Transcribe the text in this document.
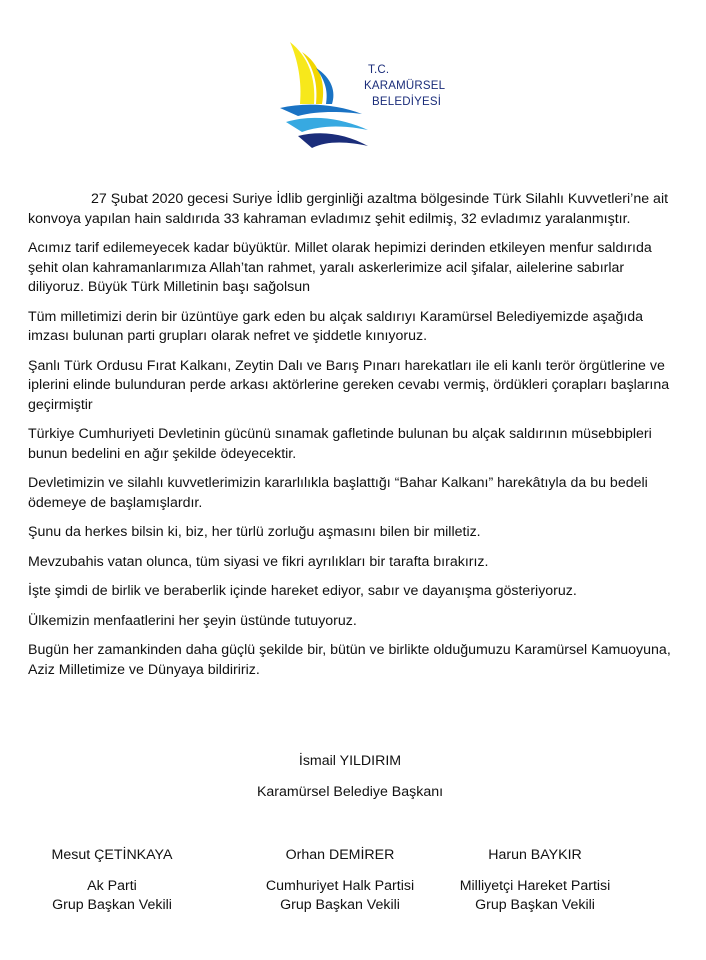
T.C.
KARAMÜRSEL
BELEDİYESİ

27 Şubat 2020 gecesi Suriye İdlib gerginliği azaltma bölgesinde Türk Silahlı Kuvvetleri’ne ait konvoya yapılan hain saldırıda 33 kahraman evladımız şehit edilmiş, 32 evladımız yaralanmıştır.

Acımız tarif edilemeyecek kadar büyüktür. Millet olarak hepimizi derinden etkileyen menfur saldırıda şehit olan kahramanlarımıza Allah’tan rahmet, yaralı askerlerimize acil şifalar, ailelerine sabırlar diliyoruz. Büyük Türk Milletinin başı sağolsun

Tüm milletimizi derin bir üzüntüye gark eden bu alçak saldırıyı Karamürsel Belediyemizde aşağıda imzası bulunan parti grupları olarak nefret ve şiddetle kınıyoruz.

Şanlı Türk Ordusu Fırat Kalkanı, Zeytin Dalı ve Barış Pınarı harekatları ile eli kanlı terör örgütlerine ve iplerini elinde bulunduran perde arkası aktörlerine gereken cevabı vermiş, ördükleri çorapları başlarına geçirmiştir

Türkiye Cumhuriyeti Devletinin gücünü sınamak gafletinde bulunan bu alçak saldırının müsebbipleri bunun bedelini en ağır şekilde ödeyecektir.

Devletimizin ve silahlı kuvvetlerimizin kararlılıkla başlattığı “Bahar Kalkanı” harekâtıyla da bu bedeli ödemeye de başlamışlardır.

Şunu da herkes bilsin ki, biz, her türlü zorluğu aşmasını bilen bir milletiz.

Mevzubahis vatan olunca, tüm siyasi ve fikri ayrılıkları bir tarafta bırakırız.

İşte şimdi de birlik ve beraberlik içinde hareket ediyor, sabır ve dayanışma gösteriyoruz.

Ülkemizin menfaatlerini her şeyin üstünde tutuyoruz.

Bugün her zamankinden daha güçlü şekilde bir, bütün ve birlikte olduğumuzu Karamürsel Kamuoyuna, Aziz Milletimize ve Dünyaya bildiririz.

İsmail YILDIRIM
Karamürsel Belediye Başkanı
Mesut ÇETİNKAYA
Ak Parti
Grup Başkan Vekili
Orhan DEMİRER
Cumhuriyet Halk Partisi
Grup Başkan Vekili
Harun BAYKIR
Milliyetçi Hareket Partisi
Grup Başkan Vekili
